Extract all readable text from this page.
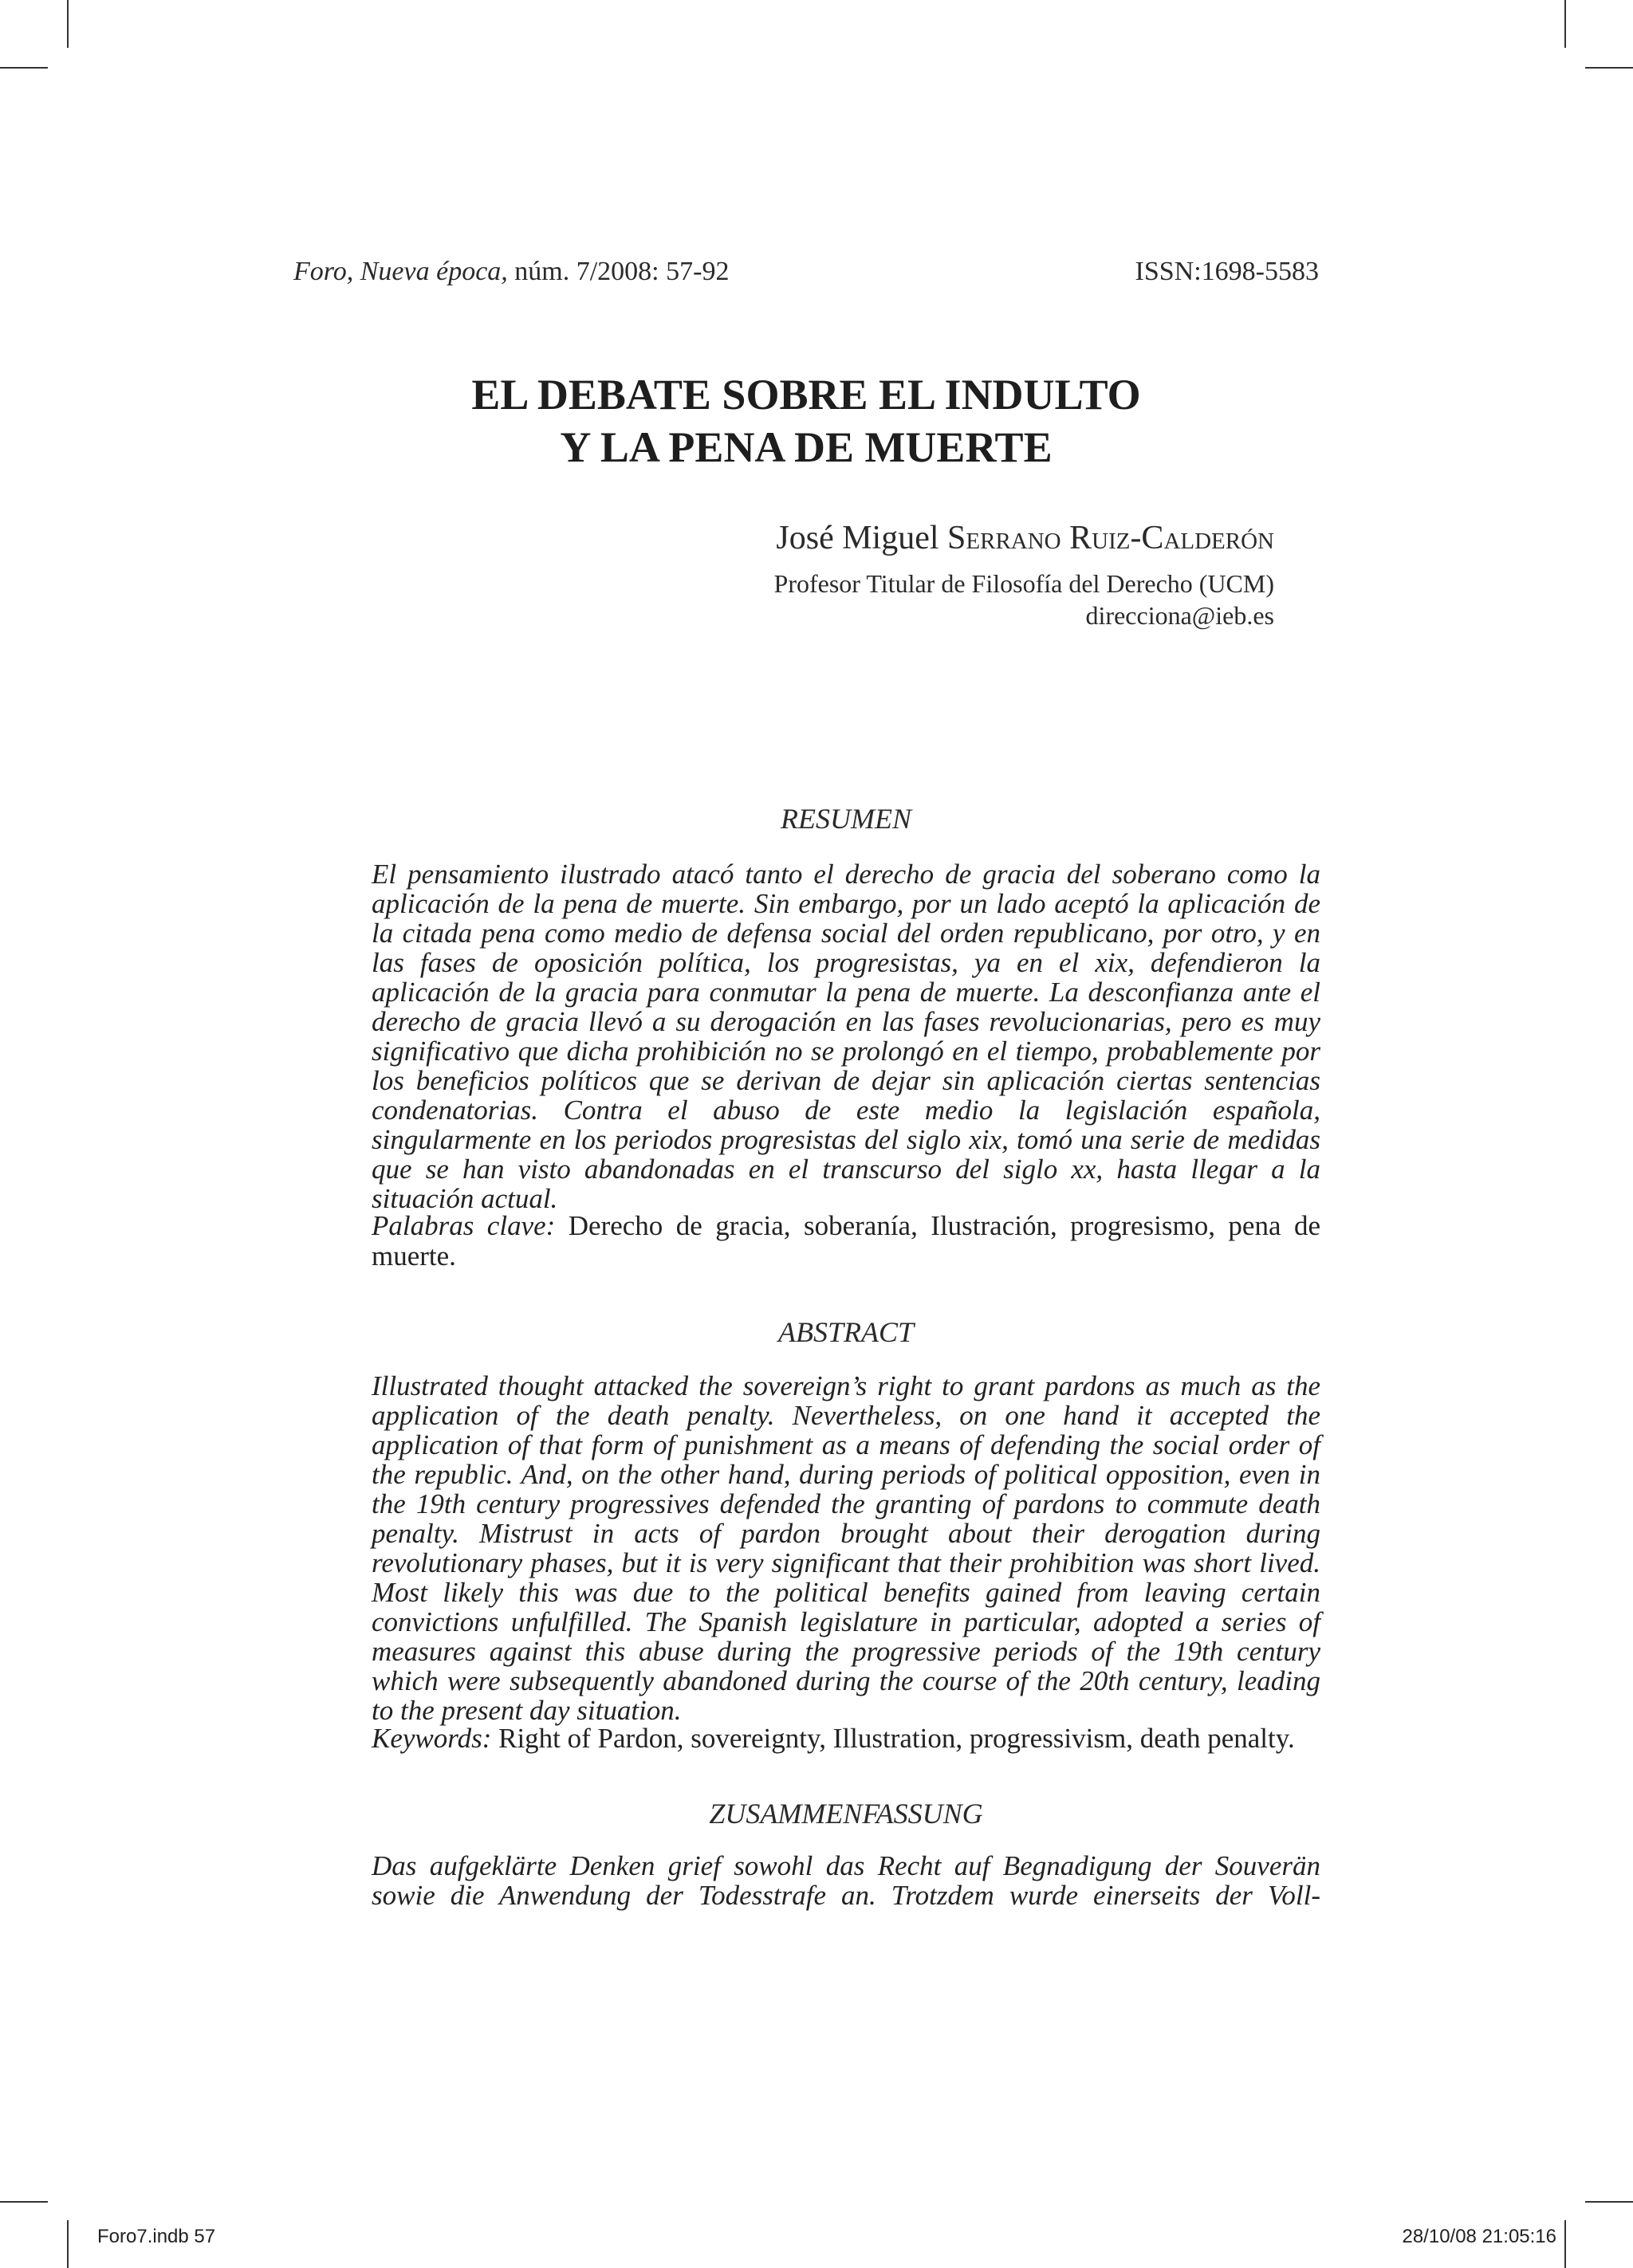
Foro, Nueva época, núm. 7/2008: 57-92	ISSN:1698-5583
EL DEBATE SOBRE EL INDULTO
Y LA PENA DE MUERTE
José Miguel Serrano Ruiz-Calderón
Profesor Titular de Filosofía del Derecho (UCM)
direcciona@ieb.es
RESUMEN

El pensamiento ilustrado atacó tanto el derecho de gracia del soberano como la aplicación de la pena de muerte. Sin embargo, por un lado aceptó la aplicación de la citada pena como medio de defensa social del orden republicano, por otro, y en las fases de oposición política, los progresistas, ya en el xix, defendieron la aplicación de la gracia para conmutar la pena de muerte. La desconfianza ante el derecho de gracia llevó a su derogación en las fases revolucionarias, pero es muy significativo que dicha prohibición no se prolongó en el tiempo, probablemente por los beneficios políticos que se derivan de dejar sin aplicación ciertas sentencias condenatorias. Contra el abuso de este medio la legislación española, singularmente en los periodos progresistas del siglo xix, tomó una serie de medidas que se han visto abandonadas en el transcurso del siglo xx, hasta llegar a la situación actual.

Palabras clave: Derecho de gracia, soberanía, Ilustración, progresismo, pena de muerte.

ABSTRACT

Illustrated thought attacked the sovereign’s right to grant pardons as much as the application of the death penalty. Nevertheless, on one hand it accepted the application of that form of punishment as a means of defending the social order of the republic. And, on the other hand, during periods of political opposition, even in the 19th century progressives defended the granting of pardons to commute death penalty. Mistrust in acts of pardon brought about their derogation during revolutionary phases, but it is very significant that their prohibition was short lived. Most likely this was due to the political benefits gained from leaving certain convictions unfulfilled. The Spanish legislature in particular, adopted a series of measures against this abuse during the progressive periods of the 19th century which were subsequently abandoned during the course of the 20th century, leading to the present day situation.

Keywords: Right of Pardon, sovereignty, Illustration, progressivism, death penalty.

ZUSAMMENFASSUNG

Das aufgeklärte Denken grief sowohl das Recht auf Begnadigung der Souverän sowie die Anwendung der Todesstrafe an. Trotzdem wurde einerseits der Voll-

Foro7.indb 57	28/10/08 21:05:16
